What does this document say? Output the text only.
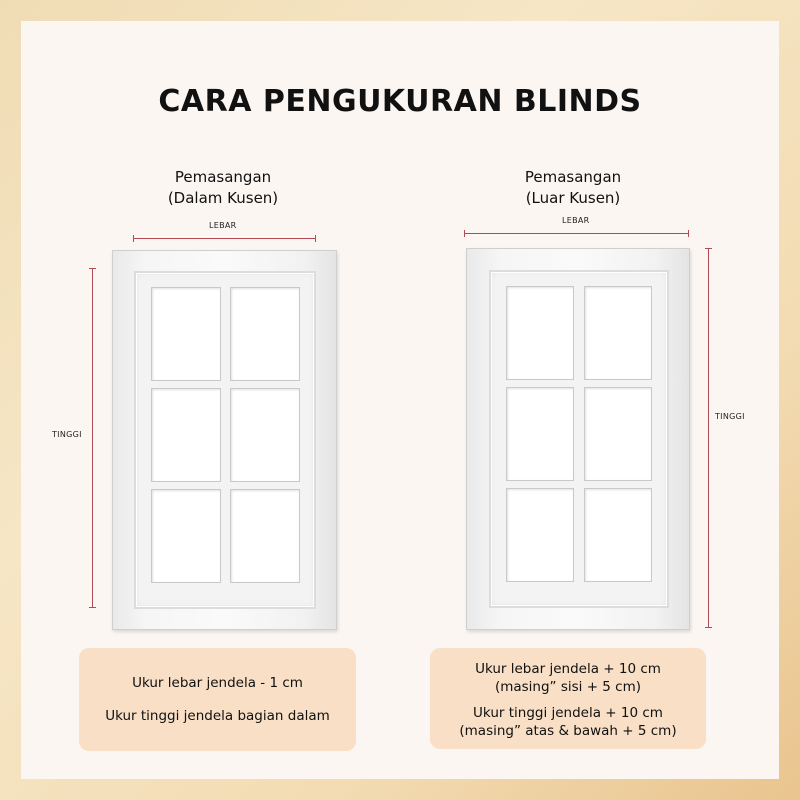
CARA PENGUKURAN BLINDS
Pemasangan
(Dalam Kusen)
LEBAR
TINGGI
Ukur lebar jendela - 1 cm
Ukur tinggi jendela bagian dalam
Pemasangan
(Luar Kusen)
LEBAR
TINGGI
Ukur lebar jendela + 10 cm
(masing” sisi + 5 cm)
Ukur tinggi jendela + 10 cm
(masing” atas & bawah + 5 cm)
